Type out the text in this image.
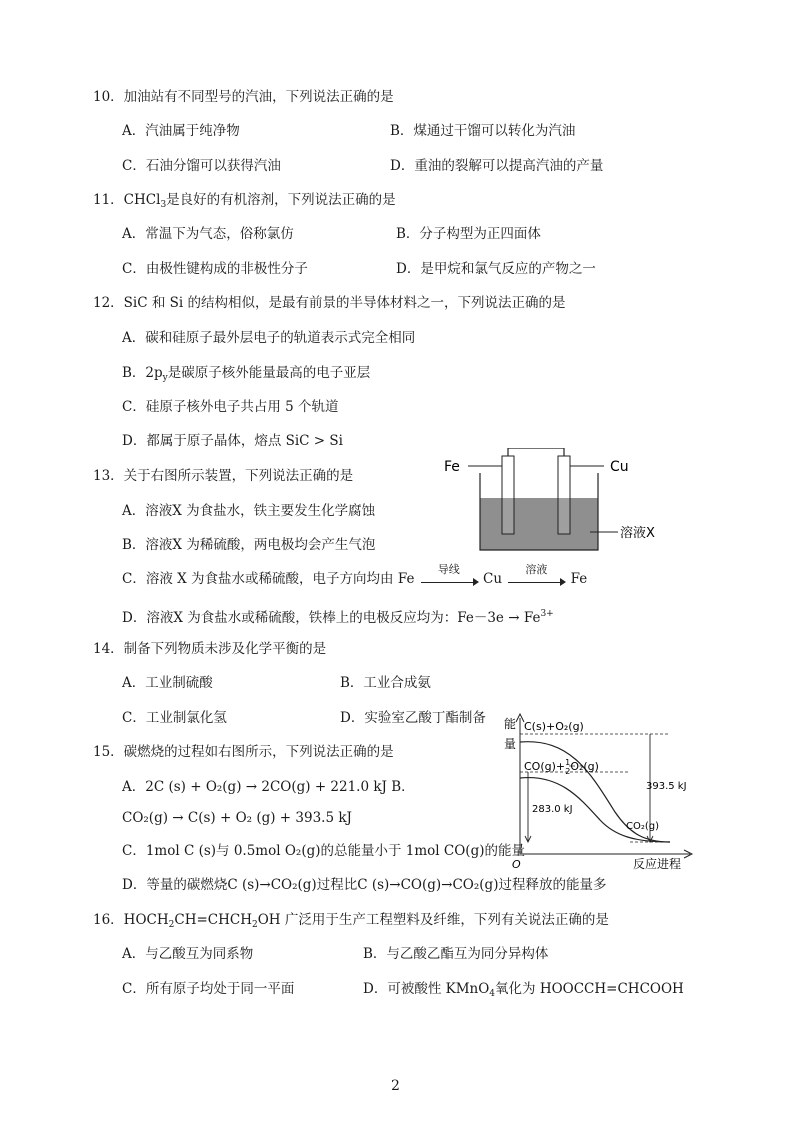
10．加油站有不同型号的汽油，下列说法正确的是
A．汽油属于纯净物	B．煤通过干馏可以转化为汽油
C．石油分馏可以获得汽油	D．重油的裂解可以提高汽油的产量
11．CHCl$_3$是良好的有机溶剂，下列说法正确的是
A．常温下为气态，俗称氯仿	B．分子构型为正四面体
C．由极性键构成的非极性分子	D．是甲烷和氯气反应的产物之一
12．SiC 和 Si 的结构相似，是最有前景的半导体材料之一，下列说法正确的是
A．碳和硅原子最外层电子的轨道表示式完全相同
B．$2p_y$是碳原子核外能量最高的电子亚层
C．硅原子核外电子共占用 5 个轨道
D．都属于原子晶体，熔点 SiC > Si
13．关于右图所示装置，下列说法正确的是
A．溶液X 为食盐水，铁主要发生化学腐蚀
B．溶液X 为稀硫酸，两电极均会产生气泡
C．溶液 X 为食盐水或稀硫酸，电子方向均由 Fe
导线
Cu
溶液
Fe
D．溶液X 为食盐水或稀硫酸，铁棒上的电极反应均为：$Fe-3e \to Fe^{3+}$
Fe	Cu
溶液X
14．制备下列物质未涉及化学平衡的是
A．工业制硫酸	B．工业合成氨
C．工业制氯化氢	D．实验室乙酸丁酯制备
15．碳燃烧的过程如右图所示，下列说法正确的是
A．2C (s) + O₂(g) → 2CO(g) + 221.0 kJ B．
CO₂(g) → C(s) + O₂ (g) + 393.5 kJ
C．1mol C (s)与 0.5mol O₂(g)的总能量小于 1mol CO(g)的能量
D．等量的碳燃烧C (s)→CO₂(g)过程比C (s)→CO(g)→CO₂(g)过程释放的能量多
能
量
O	反应进程
C(s)+O₂(g)
CO(g)+$^1$ 2O₂(g)
CO₂(g)
283.0 kJ
393.5 kJ
16．$HOCH_2CH=CHCH_2OH$ 广泛用于生产工程塑料及纤维，下列有关说法正确的是
A．与乙酸互为同系物	B．与乙酸乙酯互为同分异构体
C．所有原子均处于同一平面	D．可被酸性 KMnO$_4$氧化为 HOOCCH=CHCOOH
2
